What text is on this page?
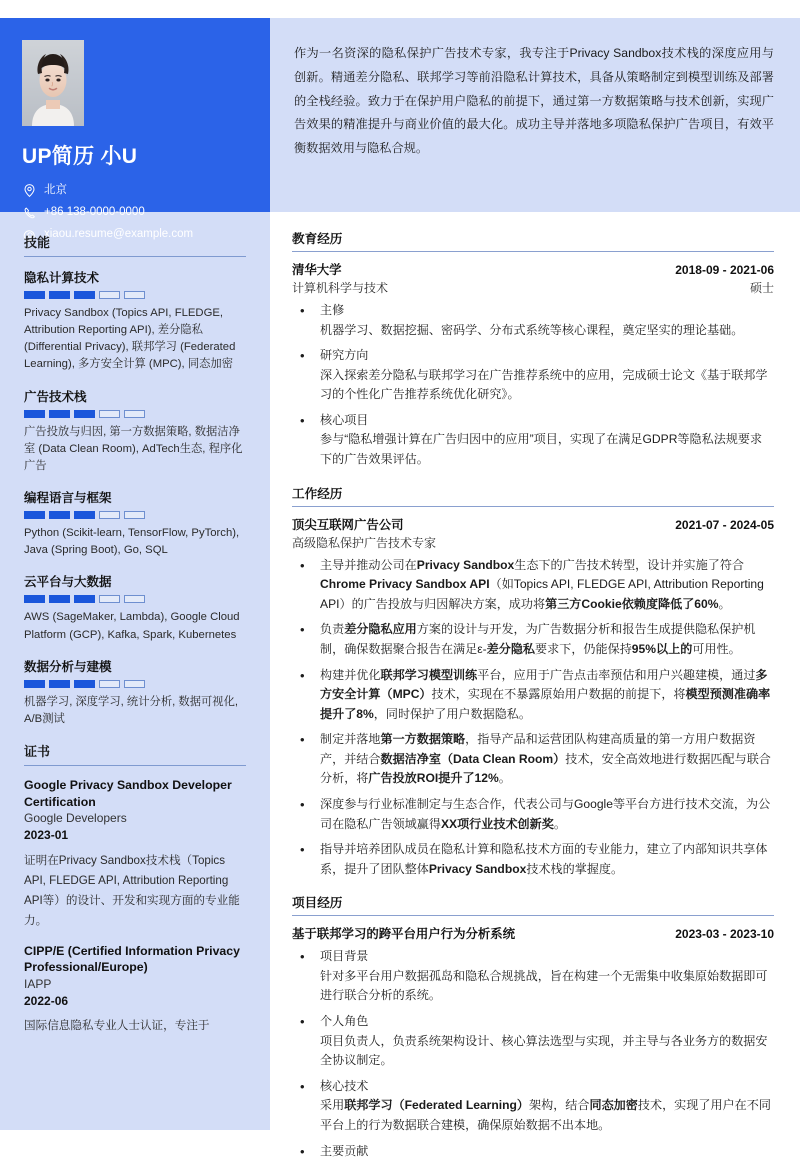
UP简历 小U
北京
+86 138-0000-0000
xiaou.resume@example.com
技能
隐私计算技术
Privacy Sandbox (Topics API, FLEDGE, Attribution Reporting API), 差分隐私 (Differential Privacy), 联邦学习 (Federated Learning), 多方安全计算 (MPC), 同态加密
广告技术栈
广告投放与归因, 第一方数据策略, 数据洁净室 (Data Clean Room), AdTech生态, 程序化广告
编程语言与框架
Python (Scikit-learn, TensorFlow, PyTorch), Java (Spring Boot), Go, SQL
云平台与大数据
AWS (SageMaker, Lambda), Google Cloud Platform (GCP), Kafka, Spark, Kubernetes
数据分析与建模
机器学习, 深度学习, 统计分析, 数据可视化, A/B测试
证书
Google Privacy Sandbox Developer Certification
Google Developers
2023-01
证明在Privacy Sandbox技术栈（Topics API, FLEDGE API, Attribution Reporting API等）的设计、开发和实现方面的专业能力。
CIPP/E (Certified Information Privacy Professional/Europe)
IAPP
2022-06
国际信息隐私专业人士认证，专注于
作为一名资深的隐私保护广告技术专家，我专注于Privacy Sandbox技术栈的深度应用与创新。精通差分隐私、联邦学习等前沿隐私计算技术，具备从策略制定到模型训练及部署的全栈经验。致力于在保护用户隐私的前提下，通过第一方数据策略与技术创新，实现广告效果的精准提升与商业价值的最大化。成功主导并落地多项隐私保护广告项目，有效平衡数据效用与隐私合规。
教育经历
清华大学	2018-09 - 2021-06
计算机科学与技术	硕士
• 主修
机器学习、数据挖掘、密码学、分布式系统等核心课程，奠定坚实的理论基础。
• 研究方向
深入探索差分隐私与联邦学习在广告推荐系统中的应用，完成硕士论文《基于联邦学习的个性化广告推荐系统优化研究》。
• 核心项目
参与“隐私增强计算在广告归因中的应用”项目，实现了在满足GDPR等隐私法规要求下的广告效果评估。
工作经历
顶尖互联网广告公司	2021-07 - 2024-05
高级隐私保护广告技术专家
• 主导并推动公司在Privacy Sandbox生态下的广告技术转型，设计并实施了符合Chrome Privacy Sandbox API（如Topics API, FLEDGE API, Attribution Reporting API）的广告投放与归因解决方案，成功将第三方Cookie依赖度降低了60%。
• 负责差分隐私应用方案的设计与开发，为广告数据分析和报告生成提供隐私保护机制，确保数据聚合报告在满足ε-差分隐私要求下，仍能保持95%以上的可用性。
• 构建并优化联邦学习模型训练平台，应用于广告点击率预估和用户兴趣建模，通过多方安全计算（MPC）技术，实现在不暴露原始用户数据的前提下，将模型预测准确率提升了8%，同时保护了用户数据隐私。
• 制定并落地第一方数据策略，指导产品和运营团队构建高质量的第一方用户数据资产，并结合数据洁净室（Data Clean Room）技术，安全高效地进行数据匹配与联合分析，将广告投放ROI提升了12%。
• 深度参与行业标准制定与生态合作，代表公司与Google等平台方进行技术交流，为公司在隐私广告领域赢得XX项行业技术创新奖。
• 指导并培养团队成员在隐私计算和隐私技术方面的专业能力，建立了内部知识共享体系，提升了团队整体Privacy Sandbox技术栈的掌握度。
项目经历
基于联邦学习的跨平台用户行为分析系统	2023-03 - 2023-10
• 项目背景
针对多平台用户数据孤岛和隐私合规挑战，旨在构建一个无需集中收集原始数据即可进行联合分析的系统。
• 个人角色
项目负责人，负责系统架构设计、核心算法选型与实现，并主导与各业务方的数据安全协议制定。
• 核心技术
采用联邦学习（Federated Learning）架构，结合同态加密技术，实现了用户在不同平台上的行为数据联合建模，确保原始数据不出本地。
• 主要贡献
